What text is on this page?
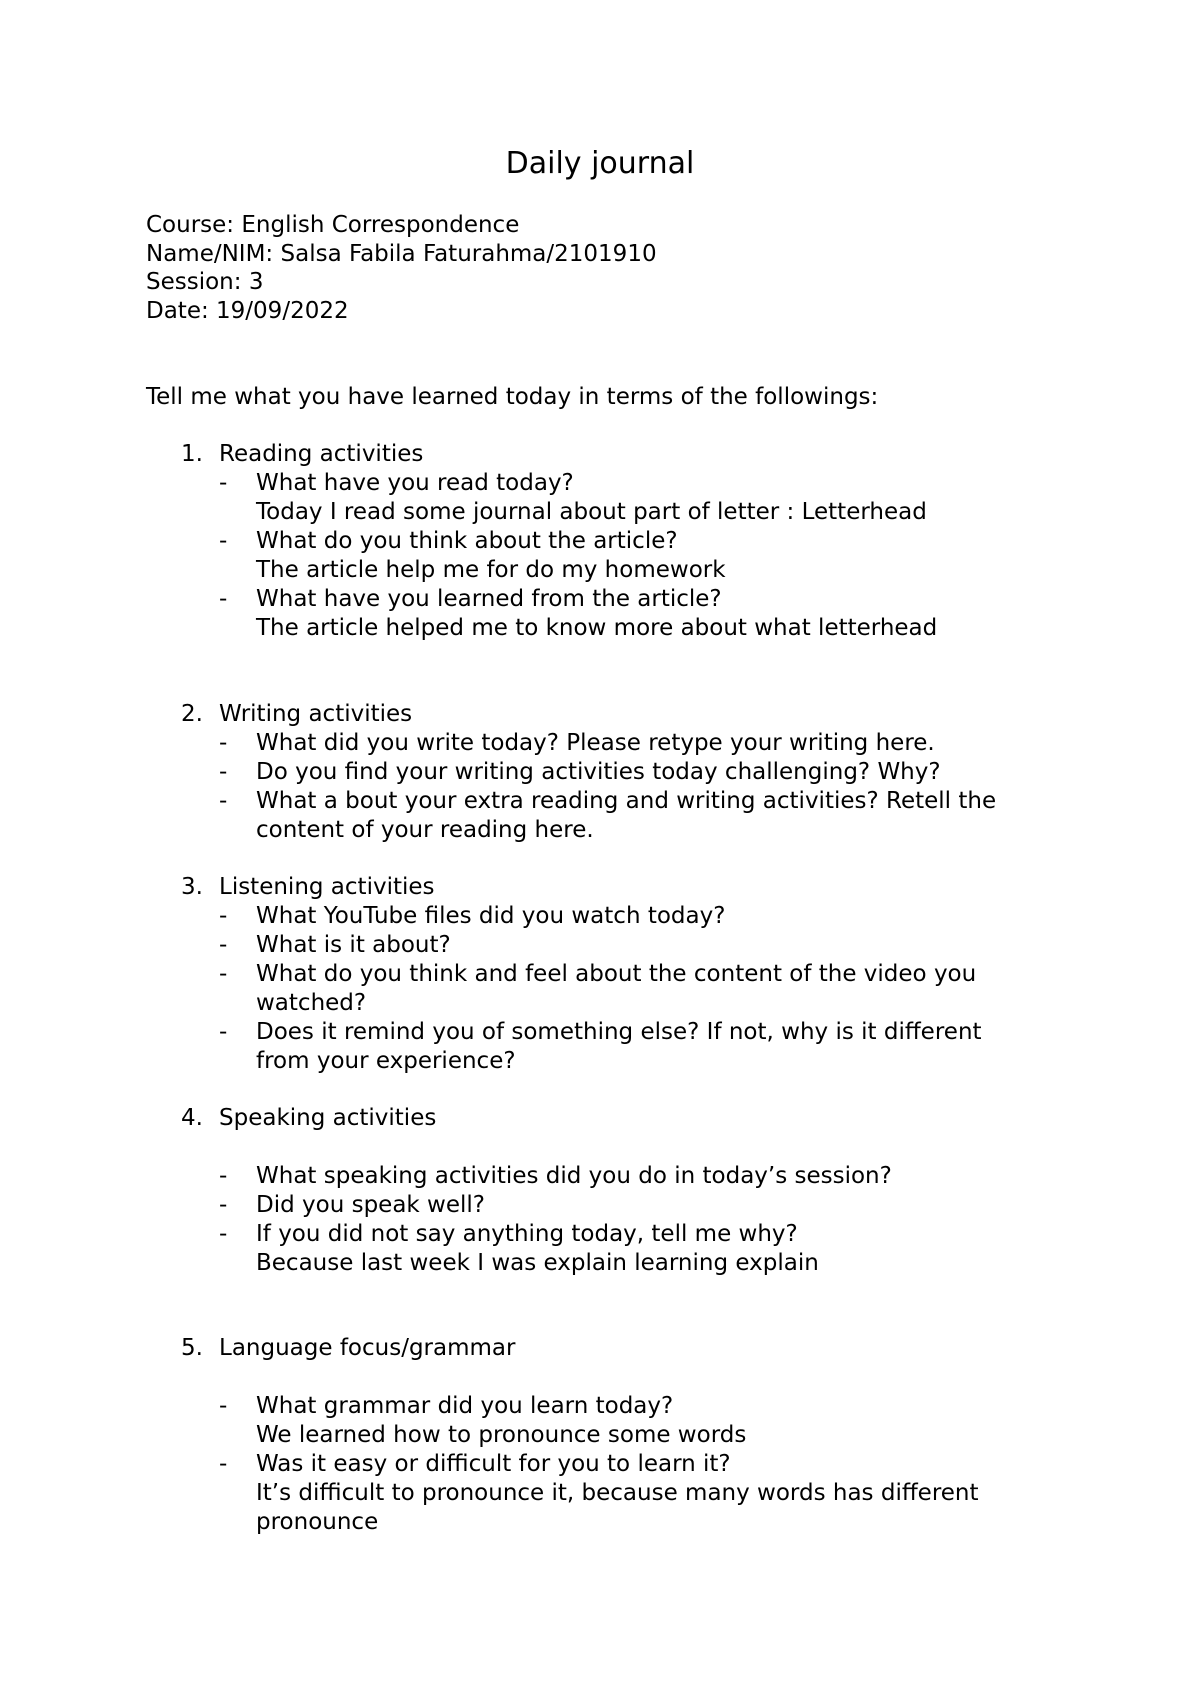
Daily journal
Course: English Correspondence
Name/NIM: Salsa Fabila Faturahma/2101910
Session: 3
Date: 19/09/2022
Tell me what you have learned today in terms of the followings:
1. Reading activities
- What have you read today?
Today I read some journal about part of letter : Letterhead
- What do you think about the article?
The article help me for do my homework
- What have you learned from the article?
The article helped me to know more about what letterhead
2. Writing activities
- What did you write today? Please retype your writing here.
- Do you find your writing activities today challenging? Why?
- What a bout your extra reading and writing activities? Retell the
content of your reading here.
3. Listening activities
- What YouTube files did you watch today?
- What is it about?
- What do you think and feel about the content of the video you
watched?
- Does it remind you of something else? If not, why is it different
from your experience?
4. Speaking activities
- What speaking activities did you do in today’s session?
- Did you speak well?
- If you did not say anything today, tell me why?
Because last week I was explain learning explain
5. Language focus/grammar
- What grammar did you learn today?
We learned how to pronounce some words
- Was it easy or difficult for you to learn it?
It’s difficult to pronounce it, because many words has different
pronounce
